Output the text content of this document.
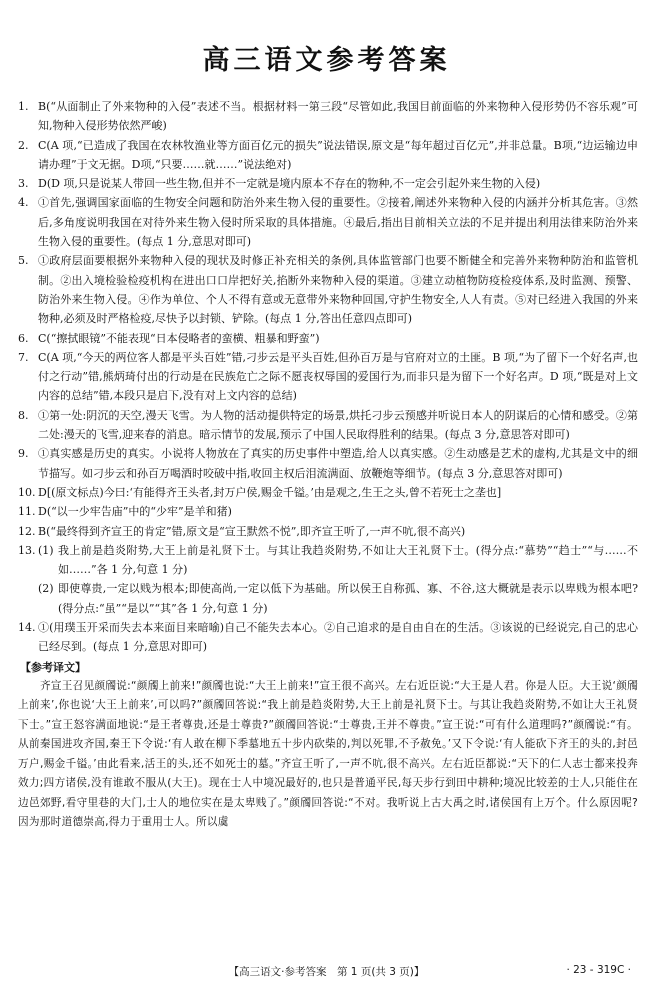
高三语文参考答案
1. B(“从面制止了外来物种的入侵”表述不当。根据材料一第三段“尽管如此,我国目前面临的外来物种入侵形势仍不容乐观”可知,物种入侵形势依然严峻)
2. C(A 项,“已造成了我国在农林牧渔业等方面百亿元的损失”说法错误,原文是“每年超过百亿元”,并非总量。B项,“边运输边申请办理”于文无据。D项,“只要……就……”说法绝对)
3. D(D 项,只是说某人带回一些生物,但并不一定就是境内原本不存在的物种,不一定会引起外来生物的入侵)
4. ①首先,强调国家面临的生物安全问题和防治外来生物入侵的重要性。②接着,阐述外来物种入侵的内涵并分析其危害。③然后,多角度说明我国在对待外来生物入侵时所采取的具体措施。④最后,指出目前相关立法的不足并提出利用法律来防治外来生物入侵的重要性。(每点 1 分,意思对即可)
5. ①政府层面要根据外来物种入侵的现状及时修正补充相关的条例,具体监管部门也要不断健全和完善外来物种防治和监管机制。②出入境检验检疫机构在进出口口岸把好关,掐断外来物种入侵的渠道。③建立动植物防疫检疫体系,及时监测、预警、防治外来生物入侵。④作为单位、个人不得有意或无意带外来物种回国,守护生物安全,人人有责。⑤对已经进入我国的外来物种,必须及时严格检疫,尽快予以封锁、铲除。(每点 1 分,答出任意四点即可)
6. C(“擦拭眼镜”不能表现“日本侵略者的蛮横、粗暴和野蛮”)
7. C(A 项,“今天的两位客人都是平头百姓”错,刁步云是平头百姓,但孙百万是与官府对立的土匪。B 项,“为了留下一个好名声,也付之行动”错,熊炳琦付出的行动是在民族危亡之际不愿丧权辱国的爱国行为,而非只是为留下一个好名声。D 项,“既是对上文内容的总结”错,本段只是启下,没有对上文内容的总结)
8. ①第一处:阴沉的天空,漫天飞雪。为人物的活动提供特定的场景,烘托刁步云预感并听说日本人的阴谋后的心情和感受。②第二处:漫天的飞雪,迎来春的消息。暗示情节的发展,预示了中国人民取得胜利的结果。(每点 3 分,意思答对即可)
9. ①真实感是历史的真实。小说将人物放在了真实的历史事件中塑造,给人以真实感。②生动感是艺术的虚构,尤其是文中的细节描写。如刁步云和孙百万喝酒时咬破中指,收回主权后泪流满面、放鞭炮等细节。(每点 3 分,意思答对即可)
10. D[(原文标点)今曰:‘有能得齐王头者,封万户侯,赐金千镒。’由是观之,生王之头,曾不若死士之垄也]
11. D(“以一少牢告庙”中的“少牢”是羊和猪)
12. B(“最终得到齐宣王的肯定”错,原文是“宣王默然不悦”,即齐宣王听了,一声不吭,很不高兴)
13. (1) 我上前是趋炎附势,大王上前是礼贤下士。与其让我趋炎附势,不如让大王礼贤下士。(得分点:“慕势”“趋士”“与……不如……”各 1 分,句意 1 分)
(2) 即使尊贵,一定以贱为根本;即使高尚,一定以低下为基础。所以侯王自称孤、寡、不谷,这大概就是表示以卑贱为根本吧?(得分点:“虽”“是以”“其”各 1 分,句意 1 分)
14. ①(用璞玉开采而失去本来面目来暗喻)自己不能失去本心。②自己追求的是自由自在的生活。③该说的已经说完,自己的忠心已经尽到。(每点 1 分,意思对即可)
【参考译文】
齐宣王召见颜斶说:“颜斶上前来!”颜斶也说:“大王上前来!”宣王很不高兴。左右近臣说:“大王是人君。你是人臣。大王说‘颜斶上前来’,你也说‘大王上前来’,可以吗?”颜斶回答说:“我上前是趋炎附势,大王上前是礼贤下士。与其让我趋炎附势,不如让大王礼贤下士。”宣王怒容满面地说:“是王者尊贵,还是士尊贵?”颜斶回答说:“士尊贵,王并不尊贵。”宣王说:“可有什么道理吗?”颜斶说:“有。从前秦国进攻齐国,秦王下令说:‘有人敢在柳下季墓地五十步内砍柴的,判以死罪,不予赦免。’又下令说:‘有人能砍下齐王的头的,封邑万户,赐金千镒。’由此看来,活王的头,还不如死士的墓。”齐宣王听了,一声不吭,很不高兴。左右近臣都说:“天下的仁人志士都来投奔效力;四方诸侯,没有谁敢不服从(大王)。现在士人中境况最好的,也只是普通平民,每天步行到田中耕种;境况比较差的士人,只能住在边邑郊野,看守里巷的大门,士人的地位实在是太卑贱了。”颜斶回答说:“不对。我听说上古大禹之时,诸侯国有上万个。什么原因呢?因为那时道德崇高,得力于重用士人。所以虞
【高三语文·参考答案　第 1 页(共 3 页)】	· 23 - 319C ·
